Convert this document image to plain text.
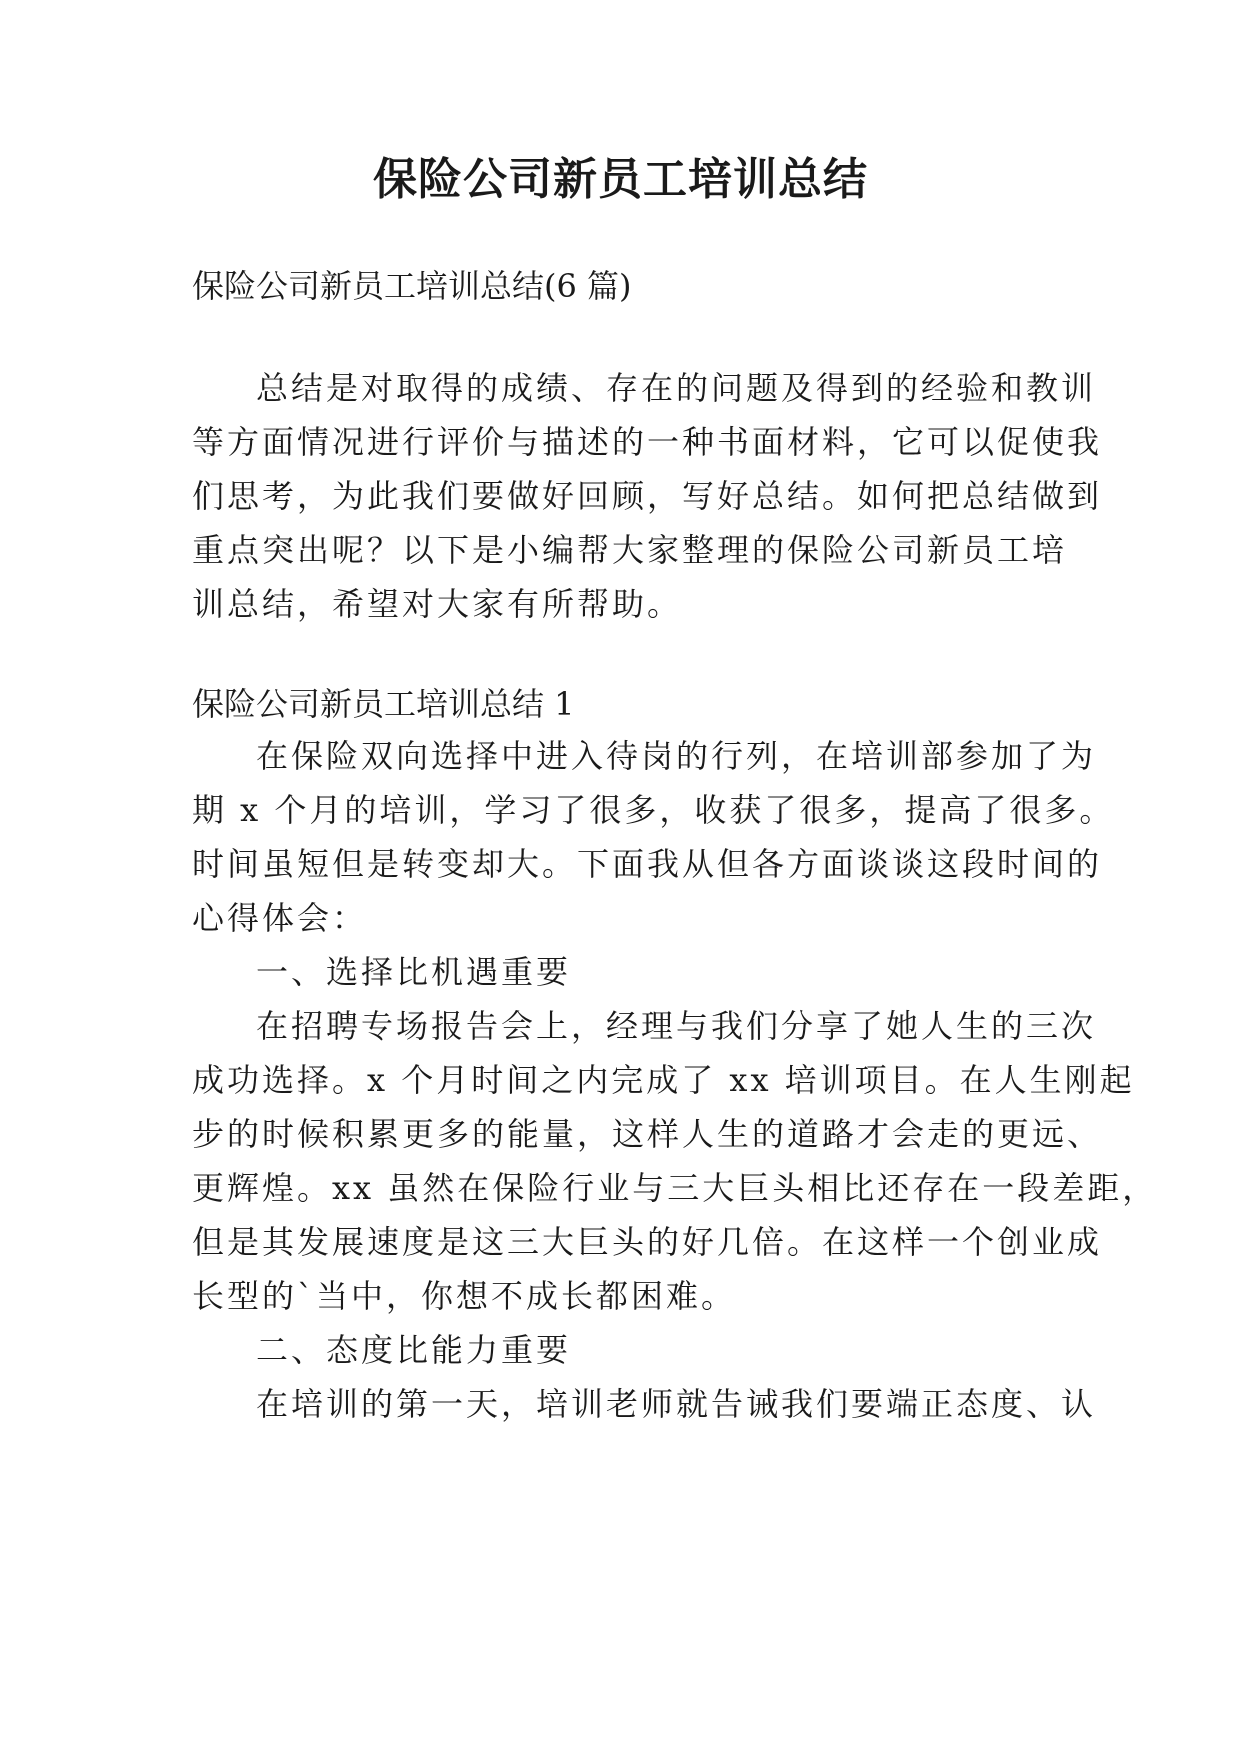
保险公司新员工培训总结

保险公司新员工培训总结(6 篇)

总结是对取得的成绩、存在的问题及得到的经验和教训

等方面情况进行评价与描述的一种书面材料，它可以促使我

们思考，为此我们要做好回顾，写好总结。如何把总结做到

重点突出呢？以下是小编帮大家整理的保险公司新员工培

训总结，希望对大家有所帮助。

保险公司新员工培训总结 1

在保险双向选择中进入待岗的行列，在培训部参加了为

期 x 个月的培训，学习了很多，收获了很多，提高了很多。

时间虽短但是转变却大。下面我从但各方面谈谈这段时间的

心得体会：

一、选择比机遇重要

在招聘专场报告会上，经理与我们分享了她人生的三次

成功选择。x 个月时间之内完成了 xx 培训项目。在人生刚起

步的时候积累更多的能量，这样人生的道路才会走的更远、

更辉煌。xx 虽然在保险行业与三大巨头相比还存在一段差距，

但是其发展速度是这三大巨头的好几倍。在这样一个创业成

长型的`当中，你想不成长都困难。

二、态度比能力重要

在培训的第一天，培训老师就告诫我们要端正态度、认
